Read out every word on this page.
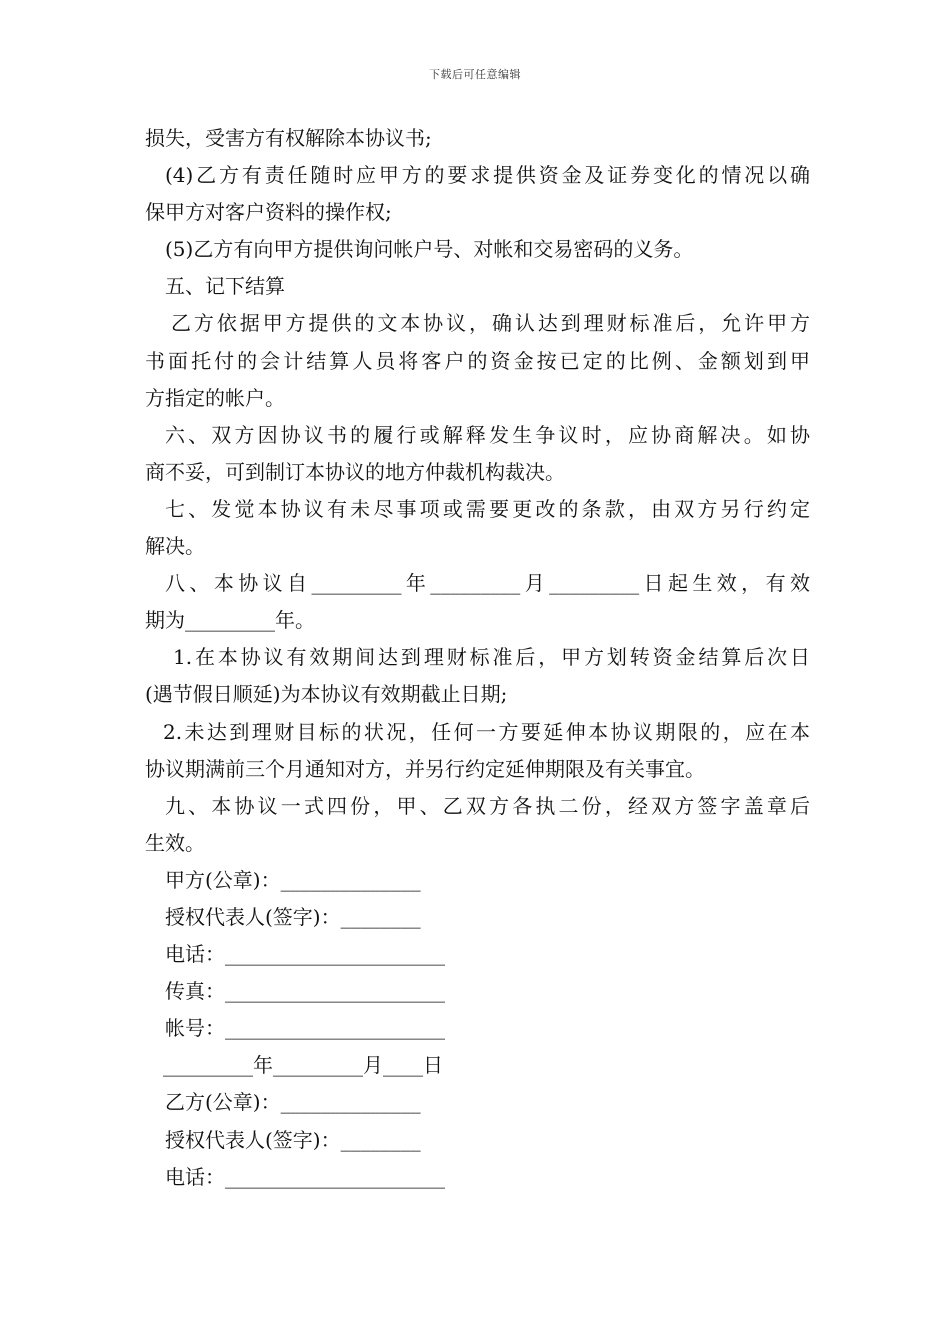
下载后可任意编辑
损失，受害方有权解除本协议书;
(4)乙方有责任随时应甲方的要求提供资金及证券变化的情况以确
保甲方对客户资料的操作权;
(5)乙方有向甲方提供询问帐户号、对帐和交易密码的义务。
五、记下结算
乙方依据甲方提供的文本协议，确认达到理财标准后，允许甲方
书面托付的会计结算人员将客户的资金按已定的比例、金额划到甲
方指定的帐户。
六、双方因协议书的履行或解释发生争议时，应协商解决。如协
商不妥，可到制订本协议的地方仲裁机构裁决。
七、发觉本协议有未尽事项或需要更改的条款，由双方另行约定
解决。
八、本协议自_________年_________月_________日起生效，有效
期为_________年。
1.在本协议有效期间达到理财标准后，甲方划转资金结算后次日
(遇节假日顺延)为本协议有效期截止日期;
2.未达到理财目标的状况，任何一方要延伸本协议期限的，应在本
协议期满前三个月通知对方，并另行约定延伸期限及有关事宜。
九、本协议一式四份，甲、乙双方各执二份，经双方签字盖章后
生效。
甲方(公章)：______________
授权代表人(签字)：________
电话：______________________
传真：______________________
帐号：______________________
_________年_________月____日
乙方(公章)：______________
授权代表人(签字)：________
电话：______________________
